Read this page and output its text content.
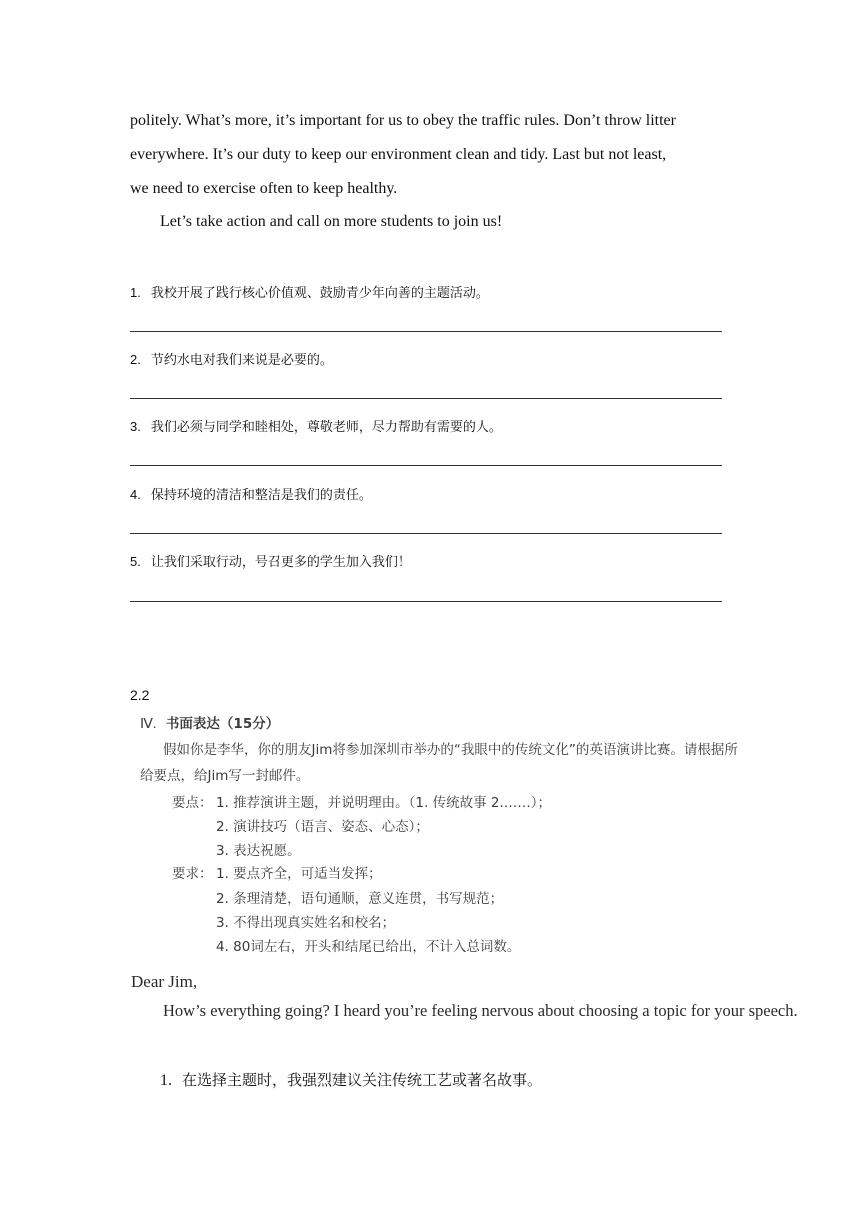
politely. What’s more, it’s important for us to obey the traffic rules. Don’t throw litter
everywhere. It’s our duty to keep our environment clean and tidy. Last but not least,
we need to exercise often to keep healthy.
Let’s take action and call on more students to join us!
1. 我校开展了践行核心价值观、鼓励青少年向善的主题活动。
2. 节约水电对我们来说是必要的。
3. 我们必须与同学和睦相处，尊敬老师，尽力帮助有需要的人。
4. 保持环境的清洁和整洁是我们的责任。
5. 让我们采取行动，号召更多的学生加入我们！
2.2
Ⅳ. 书面表达（15分）
假如你是李华，你的朋友Jim将参加深圳市举办的“我眼中的传统文化”的英语演讲比赛。请根据所
给要点，给Jim写一封邮件。
要点： 1. 推荐演讲主题，并说明理由。（1. 传统故事 2.……）；
2. 演讲技巧（语言、姿态、心态）；
3. 表达祝愿。
要求： 1. 要点齐全，可适当发挥；
2. 条理清楚，语句通顺，意义连贯，书写规范；
3. 不得出现真实姓名和校名；
4. 80词左右，开头和结尾已给出，不计入总词数。
Dear Jim,
How’s everything going? I heard you’re feeling nervous about choosing a topic for your speech.
1. 在选择主题时，我强烈建议关注传统工艺或著名故事。
